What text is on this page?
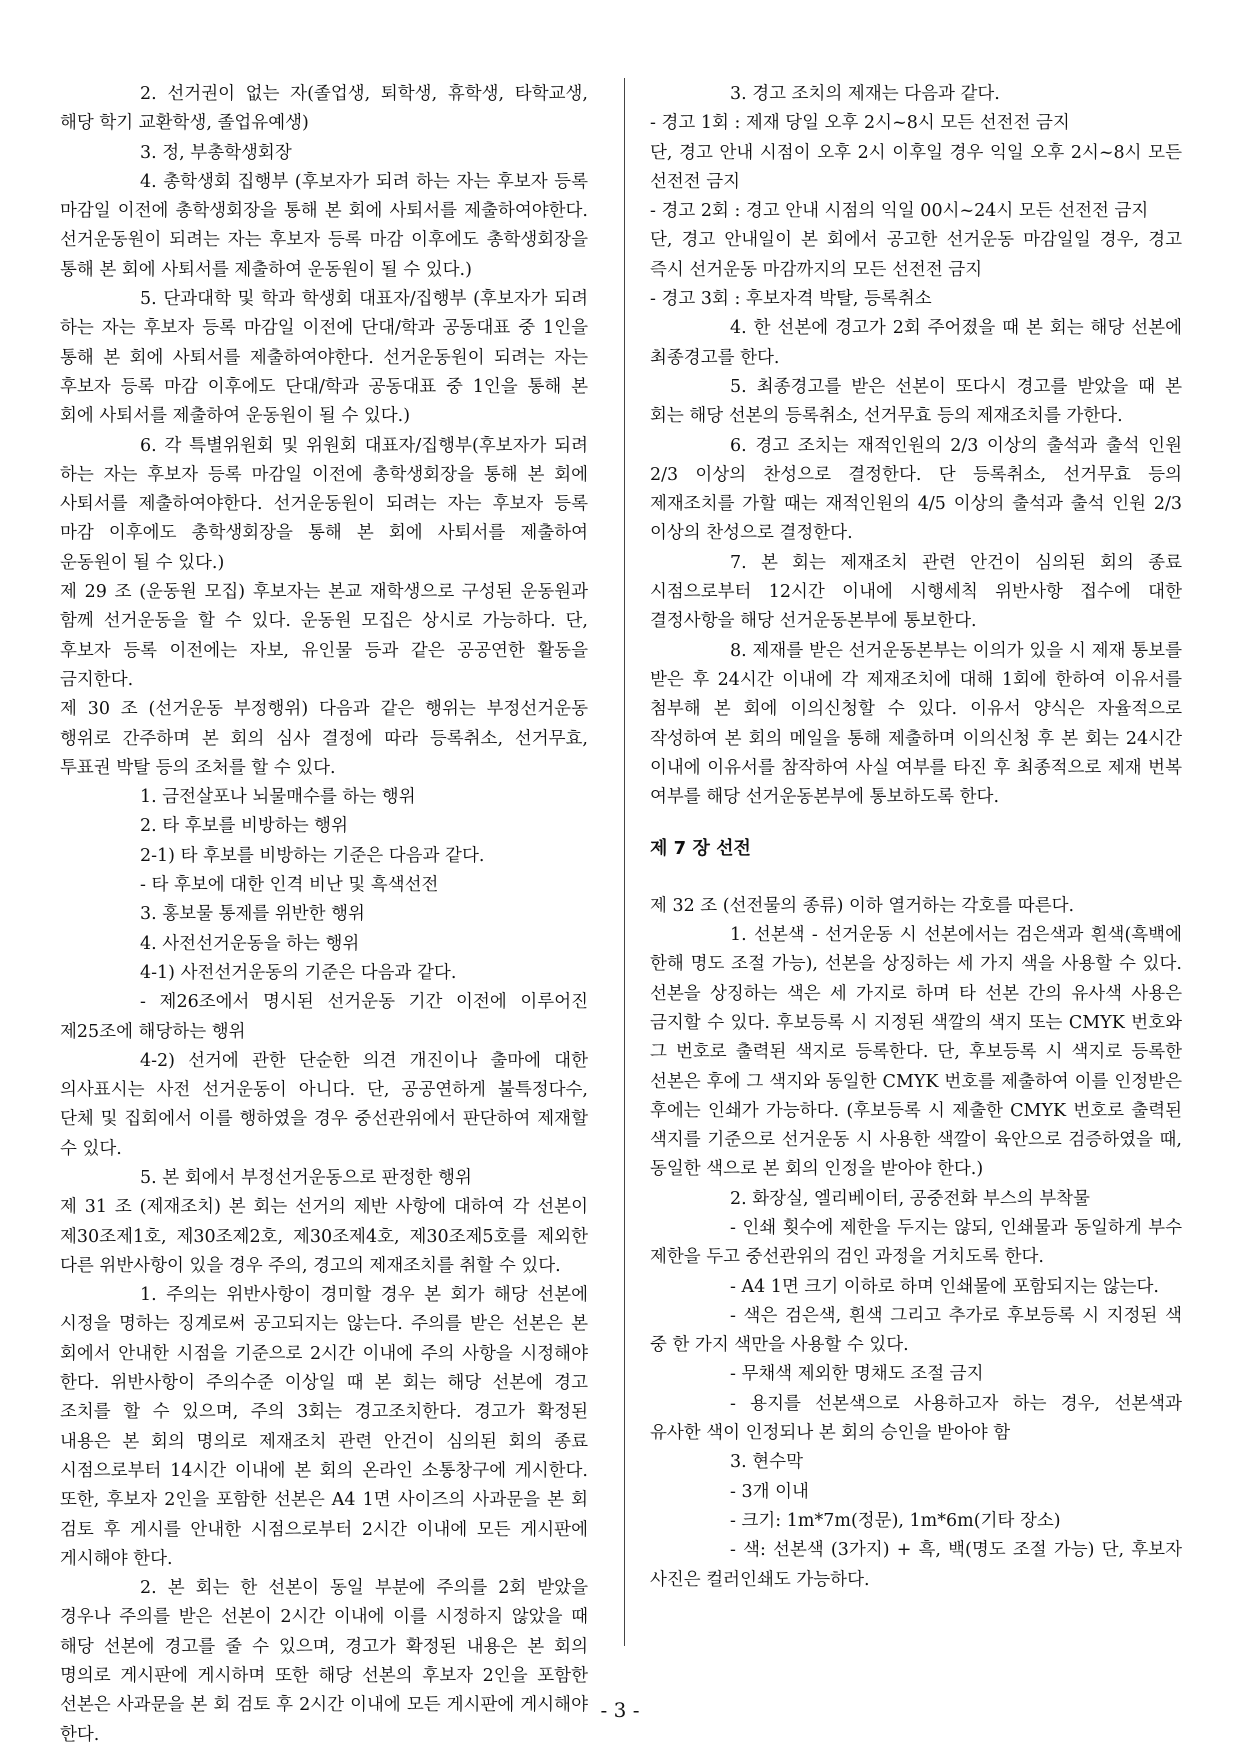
2. 선거권이 없는 자(졸업생, 퇴학생, 휴학생, 타학교생, 해당 학기 교환학생, 졸업유예생)

3. 정, 부총학생회장

4. 총학생회 집행부 (후보자가 되려 하는 자는 후보자 등록 마감일 이전에 총학생회장을 통해 본 회에 사퇴서를 제출하여야한다. 선거운동원이 되려는 자는 후보자 등록 마감 이후에도 총학생회장을 통해 본 회에 사퇴서를 제출하여 운동원이 될 수 있다.)

5. 단과대학 및 학과 학생회 대표자/집행부 (후보자가 되려 하는 자는 후보자 등록 마감일 이전에 단대/학과 공동대표 중 1인을 통해 본 회에 사퇴서를 제출하여야한다. 선거운동원이 되려는 자는 후보자 등록 마감 이후에도 단대/학과 공동대표 중 1인을 통해 본 회에 사퇴서를 제출하여 운동원이 될 수 있다.)

6. 각 특별위원회 및 위원회 대표자/집행부(후보자가 되려 하는 자는 후보자 등록 마감일 이전에 총학생회장을 통해 본 회에 사퇴서를 제출하여야한다. 선거운동원이 되려는 자는 후보자 등록 마감 이후에도 총학생회장을 통해 본 회에 사퇴서를 제출하여 운동원이 될 수 있다.)

제 29 조 (운동원 모집) 후보자는 본교 재학생으로 구성된 운동원과 함께 선거운동을 할 수 있다. 운동원 모집은 상시로 가능하다. 단, 후보자 등록 이전에는 자보, 유인물 등과 같은 공공연한 활동을 금지한다.

제 30 조 (선거운동 부정행위) 다음과 같은 행위는 부정선거운동 행위로 간주하며 본 회의 심사 결정에 따라 등록취소, 선거무효, 투표권 박탈 등의 조처를 할 수 있다.

1. 금전살포나 뇌물매수를 하는 행위

2. 타 후보를 비방하는 행위

2-1) 타 후보를 비방하는 기준은 다음과 같다.

- 타 후보에 대한 인격 비난 및 흑색선전

3. 홍보물 통제를 위반한 행위

4. 사전선거운동을 하는 행위

4-1) 사전선거운동의 기준은 다음과 같다.

- 제26조에서 명시된 선거운동 기간 이전에 이루어진 제25조에 해당하는 행위

4-2) 선거에 관한 단순한 의견 개진이나 출마에 대한 의사표시는 사전 선거운동이 아니다. 단, 공공연하게 불특정다수, 단체 및 집회에서 이를 행하였을 경우 중선관위에서 판단하여 제재할 수 있다.

5. 본 회에서 부정선거운동으로 판정한 행위

제 31 조 (제재조치) 본 회는 선거의 제반 사항에 대하여 각 선본이 제30조제1호, 제30조제2호, 제30조제4호, 제30조제5호를 제외한 다른 위반사항이 있을 경우 주의, 경고의 제재조치를 취할 수 있다.

1. 주의는 위반사항이 경미할 경우 본 회가 해당 선본에 시정을 명하는 징계로써 공고되지는 않는다. 주의를 받은 선본은 본 회에서 안내한 시점을 기준으로 2시간 이내에 주의 사항을 시정해야 한다. 위반사항이 주의수준 이상일 때 본 회는 해당 선본에 경고 조치를 할 수 있으며, 주의 3회는 경고조치한다. 경고가 확정된 내용은 본 회의 명의로 제재조치 관련 안건이 심의된 회의 종료 시점으로부터 14시간 이내에 본 회의 온라인 소통창구에 게시한다. 또한, 후보자 2인을 포함한 선본은 A4 1면 사이즈의 사과문을 본 회 검토 후 게시를 안내한 시점으로부터 2시간 이내에 모든 게시판에 게시해야 한다.

2. 본 회는 한 선본이 동일 부분에 주의를 2회 받았을 경우나 주의를 받은 선본이 2시간 이내에 이를 시정하지 않았을 때 해당 선본에 경고를 줄 수 있으며, 경고가 확정된 내용은 본 회의 명의로 게시판에 게시하며 또한 해당 선본의 후보자 2인을 포함한 선본은 사과문을 본 회 검토 후 2시간 이내에 모든 게시판에 게시해야 한다.

3. 경고 조치의 제재는 다음과 같다.

- 경고 1회 : 제재 당일 오후 2시~8시 모든 선전전 금지

단, 경고 안내 시점이 오후 2시 이후일 경우 익일 오후 2시~8시 모든 선전전 금지

- 경고 2회 : 경고 안내 시점의 익일 00시~24시 모든 선전전 금지

단, 경고 안내일이 본 회에서 공고한 선거운동 마감일일 경우, 경고 즉시 선거운동 마감까지의 모든 선전전 금지

- 경고 3회 : 후보자격 박탈, 등록취소

4. 한 선본에 경고가 2회 주어졌을 때 본 회는 해당 선본에 최종경고를 한다.

5. 최종경고를 받은 선본이 또다시 경고를 받았을 때 본 회는 해당 선본의 등록취소, 선거무효 등의 제재조치를 가한다.

6. 경고 조치는 재적인원의 2/3 이상의 출석과 출석 인원 2/3 이상의 찬성으로 결정한다. 단 등록취소, 선거무효 등의 제재조치를 가할 때는 재적인원의 4/5 이상의 출석과 출석 인원 2/3 이상의 찬성으로 결정한다.

7. 본 회는 제재조치 관련 안건이 심의된 회의 종료 시점으로부터 12시간 이내에 시행세칙 위반사항 접수에 대한 결정사항을 해당 선거운동본부에 통보한다.

8. 제재를 받은 선거운동본부는 이의가 있을 시 제재 통보를 받은 후 24시간 이내에 각 제재조치에 대해 1회에 한하여 이유서를 첨부해 본 회에 이의신청할 수 있다. 이유서 양식은 자율적으로 작성하여 본 회의 메일을 통해 제출하며 이의신청 후 본 회는 24시간 이내에 이유서를 참작하여 사실 여부를 타진 후 최종적으로 제재 번복 여부를 해당 선거운동본부에 통보하도록 한다.

제 7 장 선전

제 32 조 (선전물의 종류) 이하 열거하는 각호를 따른다.

1. 선본색 - 선거운동 시 선본에서는 검은색과 흰색(흑백에 한해 명도 조절 가능), 선본을 상징하는 세 가지 색을 사용할 수 있다. 선본을 상징하는 색은 세 가지로 하며 타 선본 간의 유사색 사용은 금지할 수 있다. 후보등록 시 지정된 색깔의 색지 또는 CMYK 번호와 그 번호로 출력된 색지로 등록한다. 단, 후보등록 시 색지로 등록한 선본은 후에 그 색지와 동일한 CMYK 번호를 제출하여 이를 인정받은 후에는 인쇄가 가능하다. (후보등록 시 제출한 CMYK 번호로 출력된 색지를 기준으로 선거운동 시 사용한 색깔이 육안으로 검증하였을 때, 동일한 색으로 본 회의 인정을 받아야 한다.)

2. 화장실, 엘리베이터, 공중전화 부스의 부착물

- 인쇄 횟수에 제한을 두지는 않되, 인쇄물과 동일하게 부수 제한을 두고 중선관위의 검인 과정을 거치도록 한다.

- A4 1면 크기 이하로 하며 인쇄물에 포함되지는 않는다.

- 색은 검은색, 흰색 그리고 추가로 후보등록 시 지정된 색 중 한 가지 색만을 사용할 수 있다.

- 무채색 제외한 명채도 조절 금지

- 용지를 선본색으로 사용하고자 하는 경우, 선본색과 유사한 색이 인정되나 본 회의 승인을 받아야 함

3. 현수막

- 3개 이내

- 크기: 1m*7m(정문), 1m*6m(기타 장소)

- 색: 선본색 (3가지) + 흑, 백(명도 조절 가능) 단, 후보자 사진은 컬러인쇄도 가능하다.

- 3 -
